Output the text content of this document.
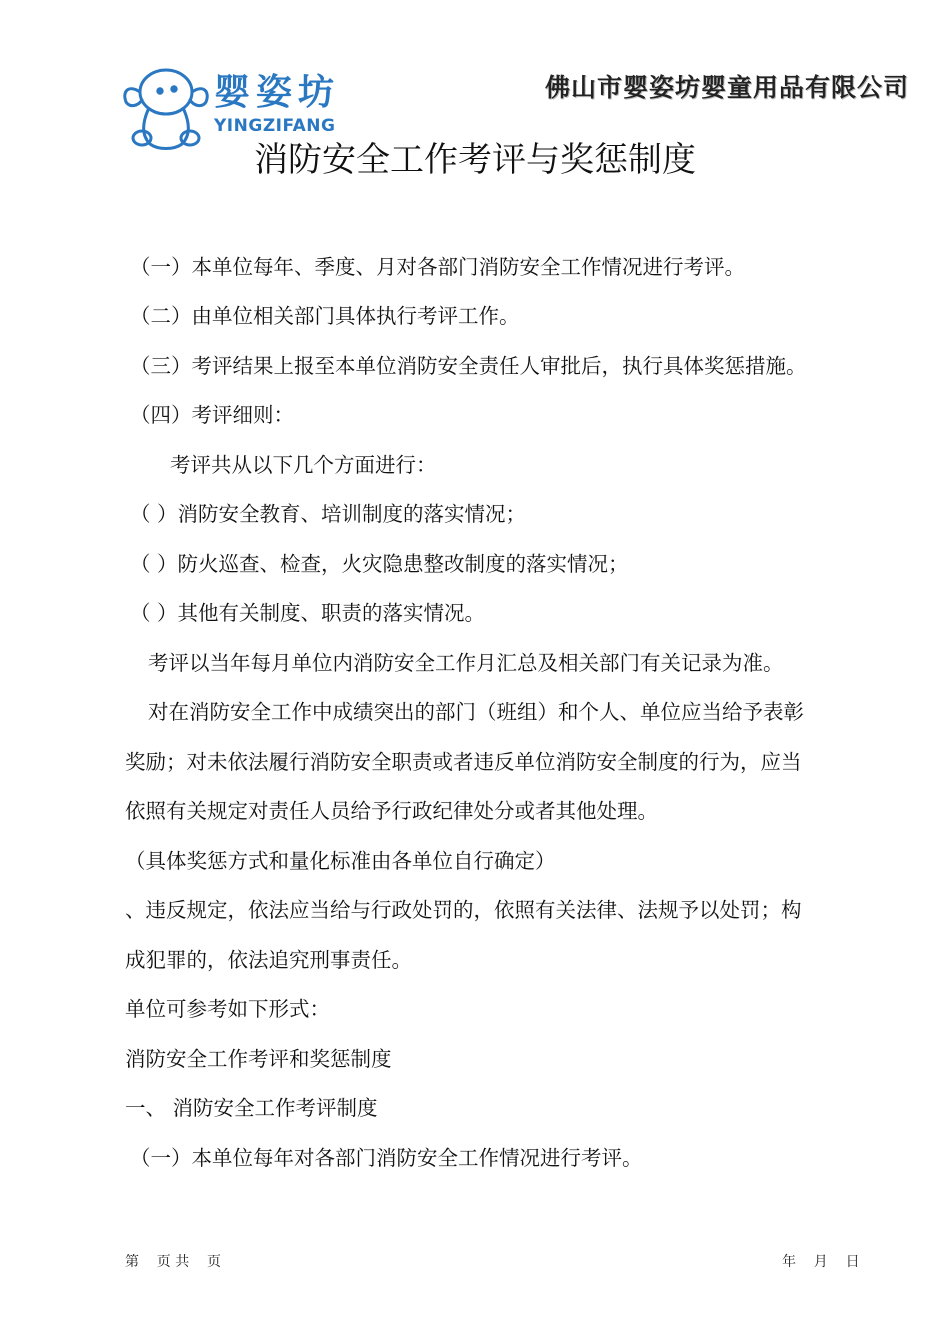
婴姿坊
YINGZIFANG
佛山市婴姿坊婴童用品有限公司
消防安全工作考评与奖惩制度
（一）本单位每年、季度、月对各部门消防安全工作情况进行考评。
（二）由单位相关部门具体执行考评工作。
（三）考评结果上报至本单位消防安全责任人审批后，执行具体奖惩措施。
（四）考评细则：
考评共从以下几个方面进行：
（ ）消防安全教育、培训制度的落实情况；
（ ）防火巡查、检查，火灾隐患整改制度的落实情况；
（ ）其他有关制度、职责的落实情况。
考评以当年每月单位内消防安全工作月汇总及相关部门有关记录为准。
对在消防安全工作中成绩突出的部门（班组）和个人、单位应当给予表彰
奖励；对未依法履行消防安全职责或者违反单位消防安全制度的行为，应当
依照有关规定对责任人员给予行政纪律处分或者其他处理。
（具体奖惩方式和量化标准由各单位自行确定）
、违反规定，依法应当给与行政处罚的，依照有关法律、法规予以处罚；构
成犯罪的，依法追究刑事责任。
单位可参考如下形式：
消防安全工作考评和奖惩制度
一、 消防安全工作考评制度
（一）本单位每年对各部门消防安全工作情况进行考评。
第    页 共    页	年    月    日
